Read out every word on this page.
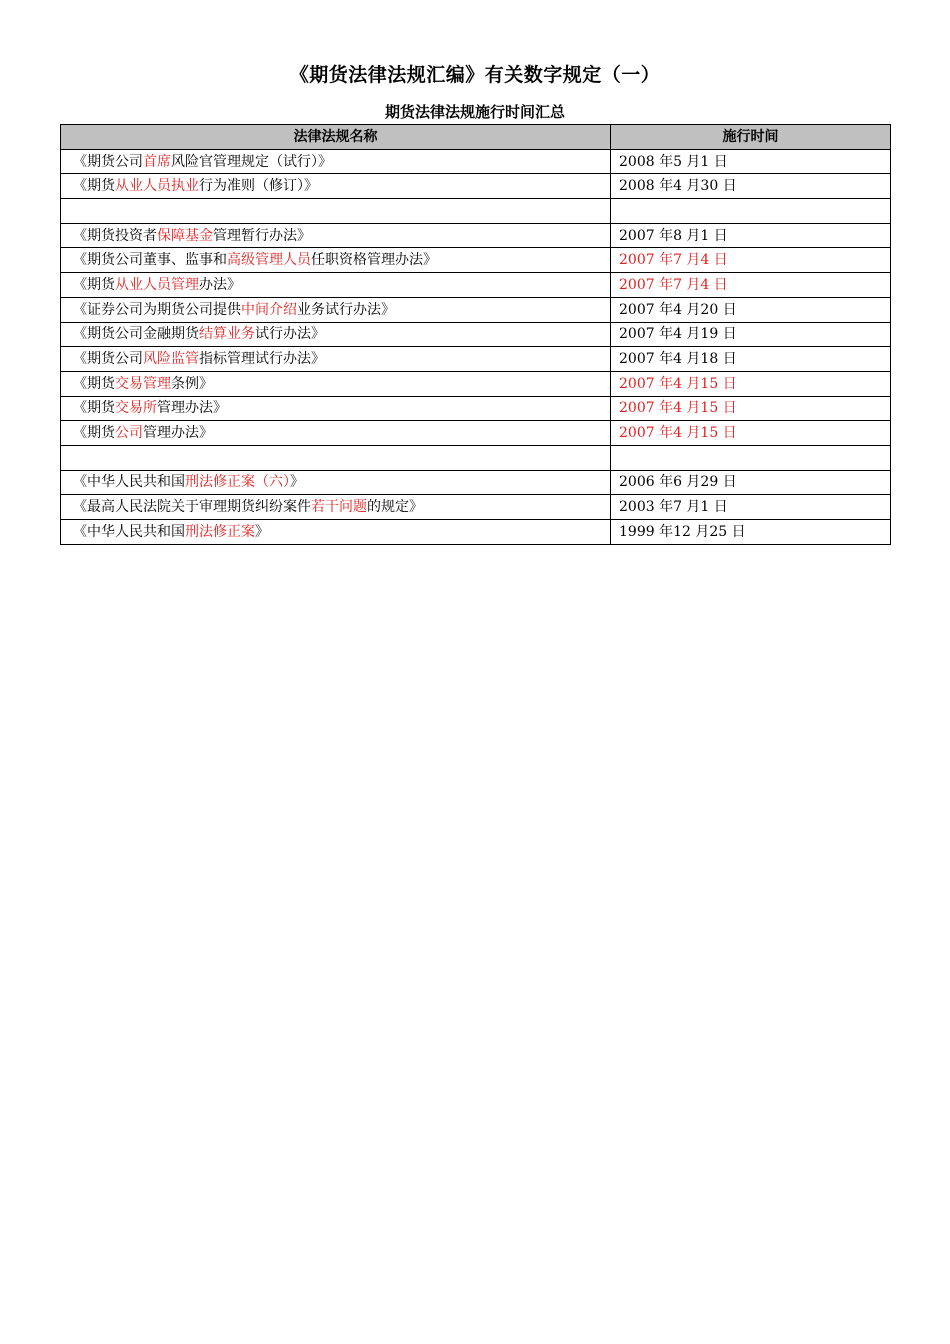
《期货法律法规汇编》有关数字规定（一）
期货法律法规施行时间汇总
法律法规名称	施行时间
《期货公司首席风险官管理规定（试行）》	2008 年5 月1 日
《期货从业人员执业行为准则（修订）》	2008 年4 月30 日

《期货投资者保障基金管理暂行办法》	2007 年8 月1 日
《期货公司董事、监事和高级管理人员任职资格管理办法》	2007 年7 月4 日
《期货从业人员管理办法》	2007 年7 月4 日
《证券公司为期货公司提供中间介绍业务试行办法》	2007 年4 月20 日
《期货公司金融期货结算业务试行办法》	2007 年4 月19 日
《期货公司风险监管指标管理试行办法》	2007 年4 月18 日
《期货交易管理条例》	2007 年4 月15 日
《期货交易所管理办法》	2007 年4 月15 日
《期货公司管理办法》	2007 年4 月15 日

《中华人民共和国刑法修正案（六）》	2006 年6 月29 日
《最高人民法院关于审理期货纠纷案件若干问题的规定》	2003 年7 月1 日
《中华人民共和国刑法修正案》	1999 年12 月25 日
